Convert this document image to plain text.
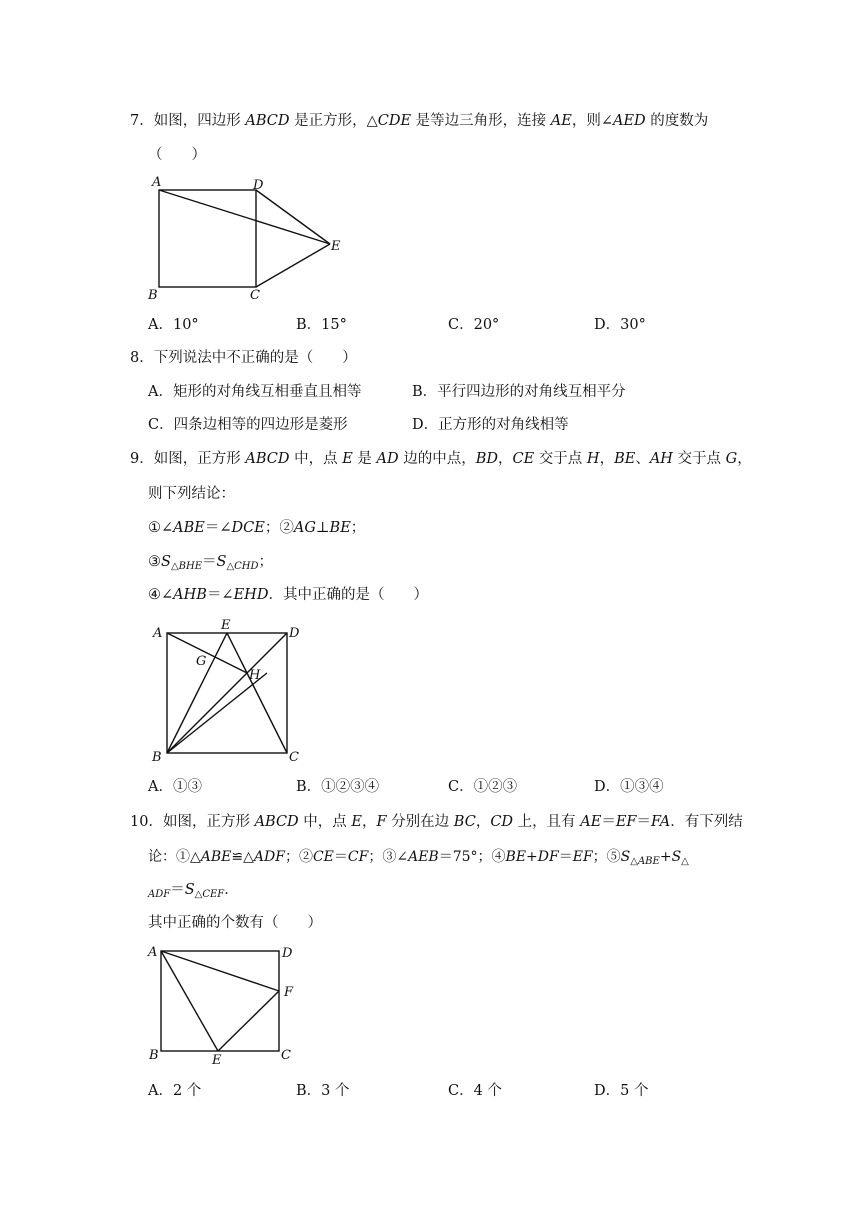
7．如图，四边形 ABCD 是正方形，△CDE 是等边三角形，连接 AE，则∠AED 的度数为
（　　）
A	D
E
B	C
A．10°	B．15°	C．20°	D．30°
8．下列说法中不正确的是（　　）
A．矩形的对角线互相垂直且相等	B．平行四边形的对角线互相平分
C．四条边相等的四边形是菱形	D．正方形的对角线相等
9．如图，正方形 ABCD 中，点 E 是 AD 边的中点，BD，CE 交于点 H，BE、AH 交于点 G，
则下列结论：
①∠ABE＝∠DCE；②AG⊥BE；
$③S_{\triangle BHE}=S_{\triangle CHD}$；
④∠AHB＝∠EHD．其中正确的是（　　）
A
E
D
G
H
B	C
A．①③	B．①②③④	C．①②③	D．①③④
10．如图，正方形 ABCD 中，点 E，F 分别在边 BC，CD 上，且有 AE＝EF＝FA．有下列结
论：①△ABE≌△ADF；②CE＝CF；③∠AEB＝75°；④BE+DF＝EF；$⑤S_{\triangle ABE}+S_\triangle$
$_{ADF}=S_{\triangle CEF}$．
其中正确的个数有（　　）
A	D
F
B	E	C
A．2 个	B．3 个	C．4 个	D．5 个
